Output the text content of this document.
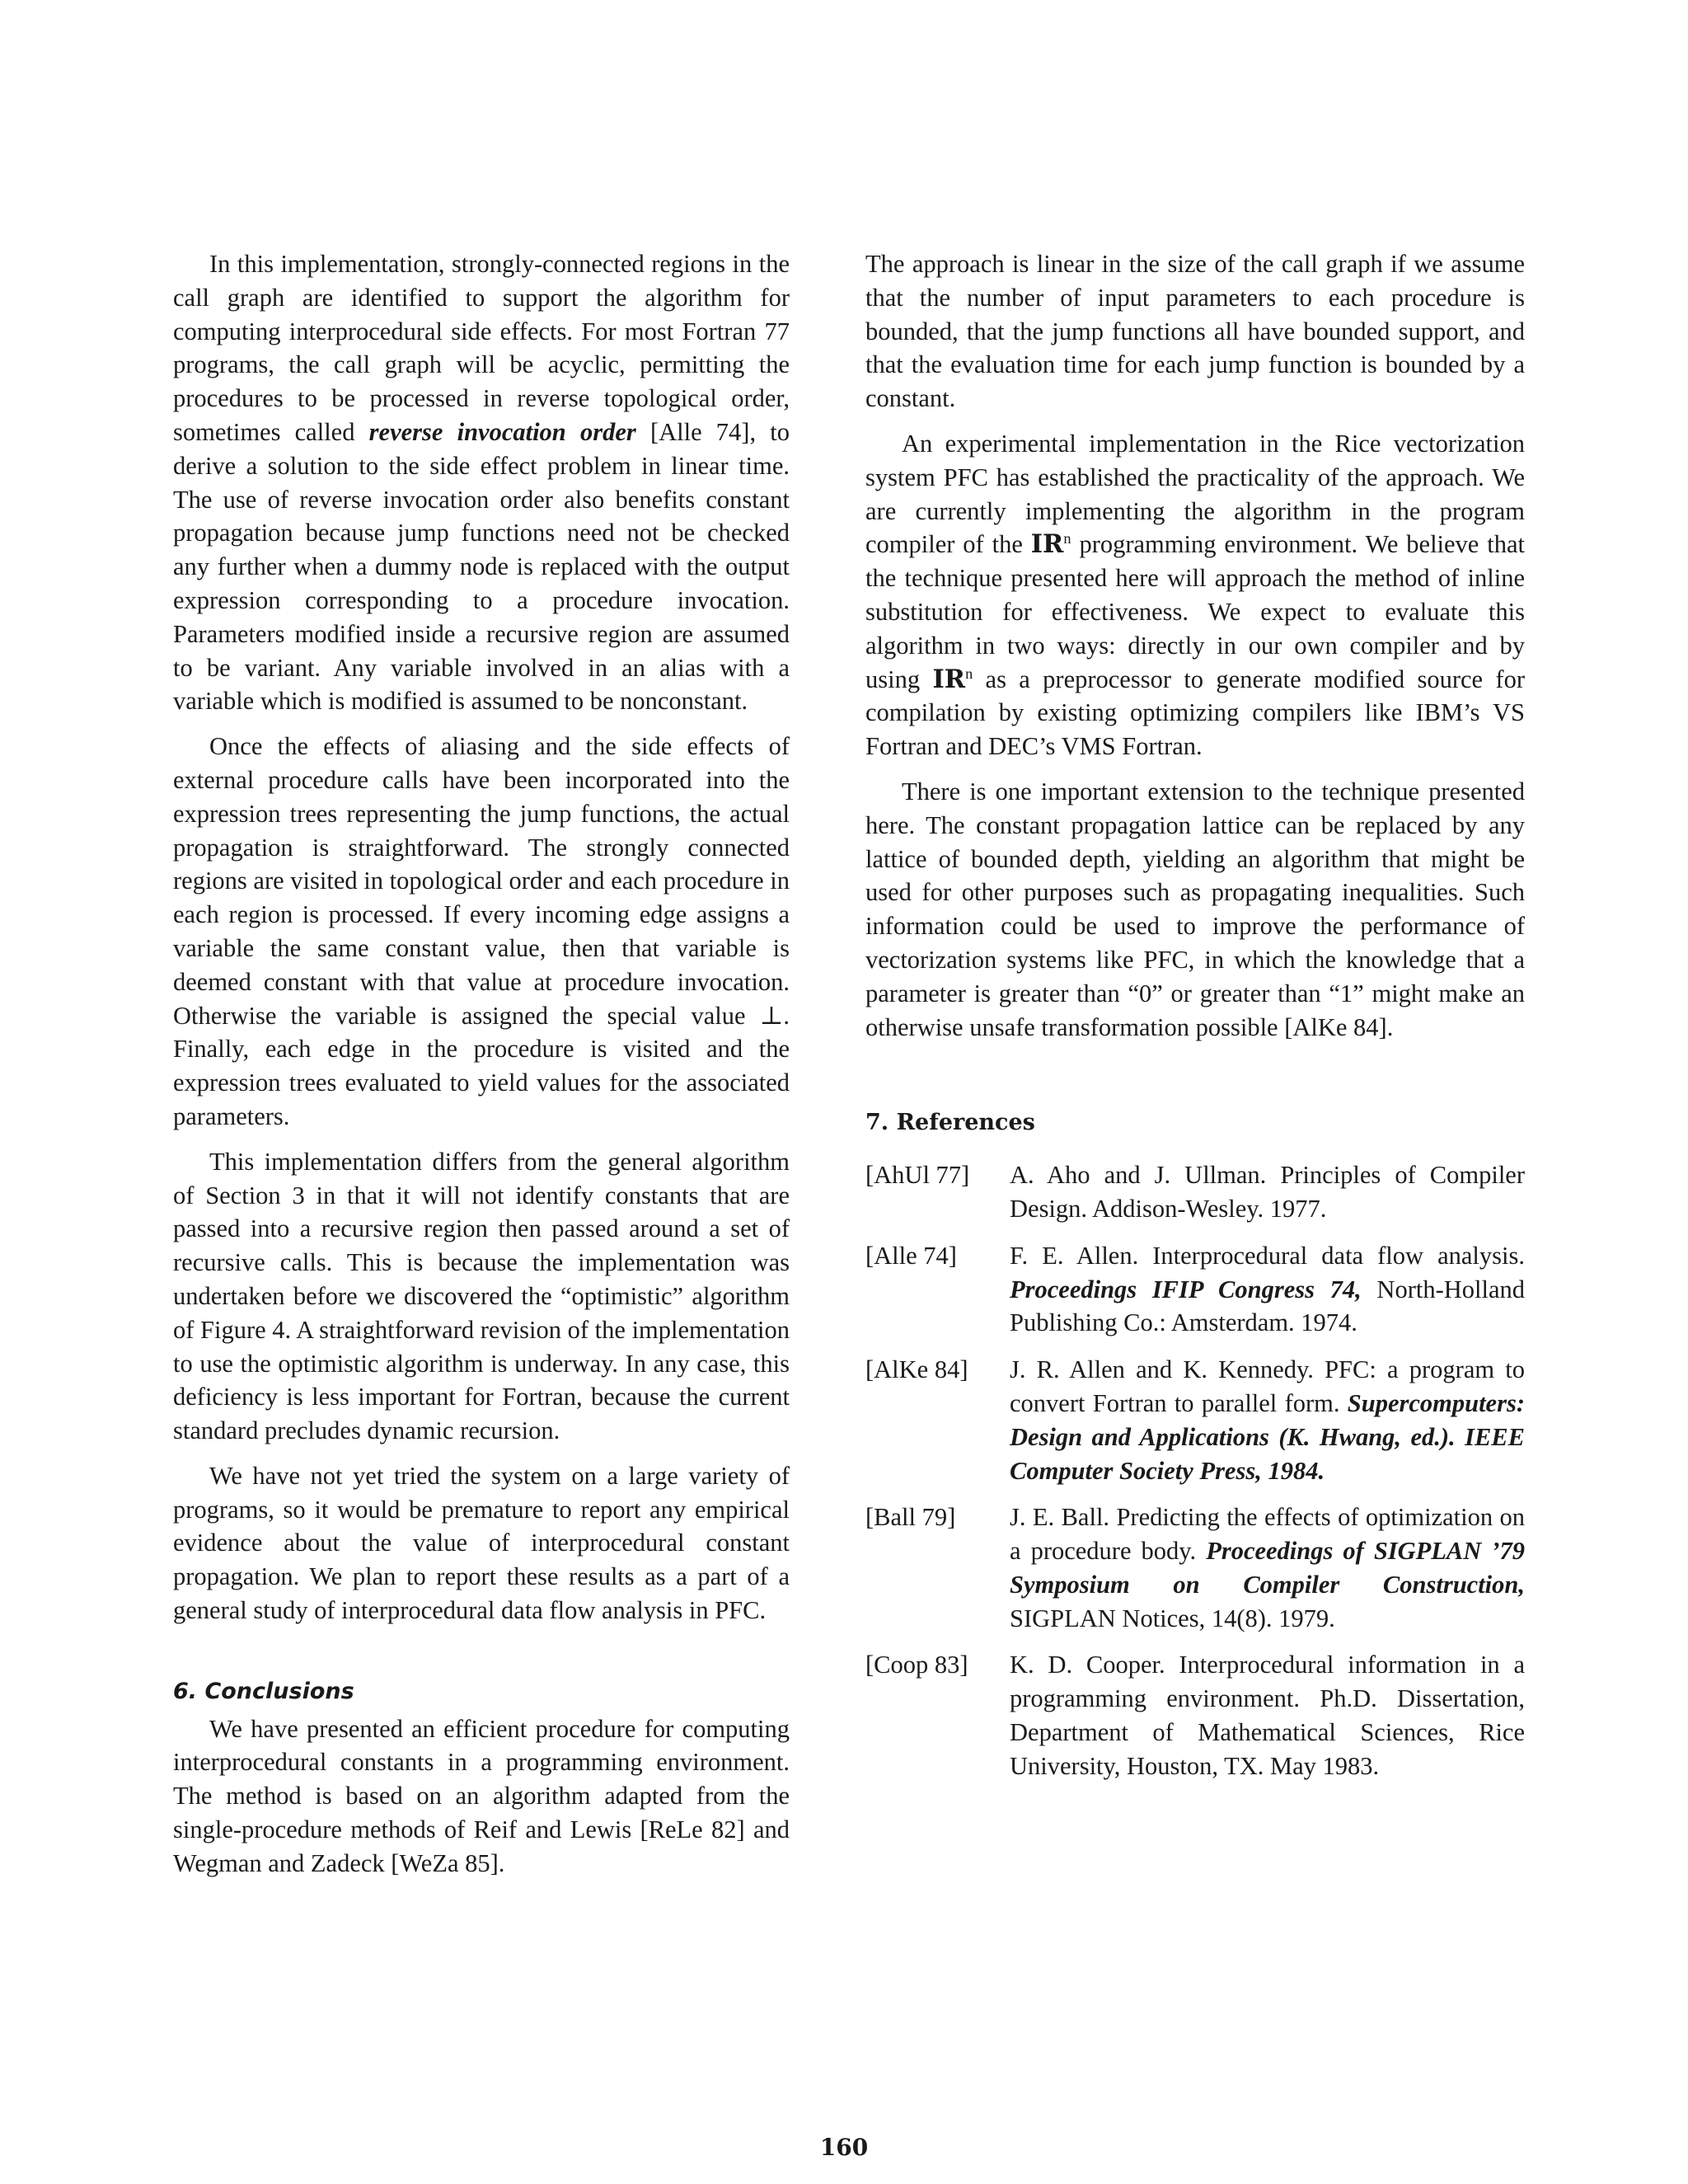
In this implementation, strongly-connected regions in the call graph are identified to support the algorithm for computing interprocedural side effects. For most Fortran 77 programs, the call graph will be acyclic, permitting the procedures to be processed in reverse topological order, sometimes called reverse invocation order [Alle 74], to derive a solution to the side effect problem in linear time. The use of reverse invocation order also benefits constant propagation because jump functions need not be checked any further when a dummy node is replaced with the output expression corresponding to a procedure invocation. Parameters modified inside a recursive region are assumed to be variant. Any variable involved in an alias with a variable which is modified is assumed to be nonconstant.

Once the effects of aliasing and the side effects of external procedure calls have been incorporated into the expression trees representing the jump functions, the actual propagation is straightforward. The strongly connected regions are visited in topological order and each procedure in each region is processed. If every incoming edge assigns a variable the same constant value, then that variable is deemed constant with that value at procedure invocation. Otherwise the variable is assigned the special value ⊥. Finally, each edge in the procedure is visited and the expression trees evaluated to yield values for the associated parameters.

This implementation differs from the general algorithm of Section 3 in that it will not identify constants that are passed into a recursive region then passed around a set of recursive calls. This is because the implementation was undertaken before we discovered the “optimistic” algorithm of Figure 4. A straightforward revision of the implementation to use the optimistic algorithm is underway. In any case, this deficiency is less important for Fortran, because the current standard precludes dynamic recursion.

We have not yet tried the system on a large variety of programs, so it would be premature to report any empirical evidence about the value of interprocedural constant propagation. We plan to report these results as a part of a general study of interprocedural data flow analysis in PFC.

6. Conclusions

We have presented an efficient procedure for computing interprocedural constants in a programming environment. The method is based on an algorithm adapted from the single-procedure methods of Reif and Lewis [ReLe 82] and Wegman and Zadeck [WeZa 85].

The approach is linear in the size of the call graph if we assume that the number of input parameters to each procedure is bounded, that the jump functions all have bounded support, and that the evaluation time for each jump function is bounded by a constant.

An experimental implementation in the Rice vectorization system PFC has established the practicality of the approach. We are currently implementing the algorithm in the program compiler of the $IR^n$ programming environment. We believe that the technique presented here will approach the method of inline substitution for effectiveness. We expect to evaluate this algorithm in two ways: directly in our own compiler and by using $IR^n$ as a preprocessor to generate modified source for compilation by existing optimizing compilers like IBM’s VS Fortran and DEC’s VMS Fortran.

There is one important extension to the technique presented here. The constant propagation lattice can be replaced by any lattice of bounded depth, yielding an algorithm that might be used for other purposes such as propagating inequalities. Such information could be used to improve the performance of vectorization systems like PFC, in which the knowledge that a parameter is greater than “0” or greater than “1” might make an otherwise unsafe transformation possible [AlKe 84].

7. References
[AhUl 77]	A. Aho and J. Ullman. Principles of Compiler Design. Addison-Wesley. 1977.
[Alle 74]	F. E. Allen. Interprocedural data flow analysis. Proceedings IFIP Congress 74, North-Holland Publishing Co.: Amsterdam. 1974.
[AlKe 84]	J. R. Allen and K. Kennedy. PFC: a program to convert Fortran to parallel form. Supercomputers: Design and Applications (K. Hwang, ed.). IEEE Computer Society Press, 1984.
[Ball 79]	J. E. Ball. Predicting the effects of optimization on a procedure body. Proceedings of SIGPLAN ’79 Symposium on Compiler Construction, SIGPLAN Notices, 14(8). 1979.
[Coop 83]	K. D. Cooper. Interprocedural information in a programming environment. Ph.D. Dissertation, Department of Mathematical Sciences, Rice University, Houston, TX. May 1983.
160
